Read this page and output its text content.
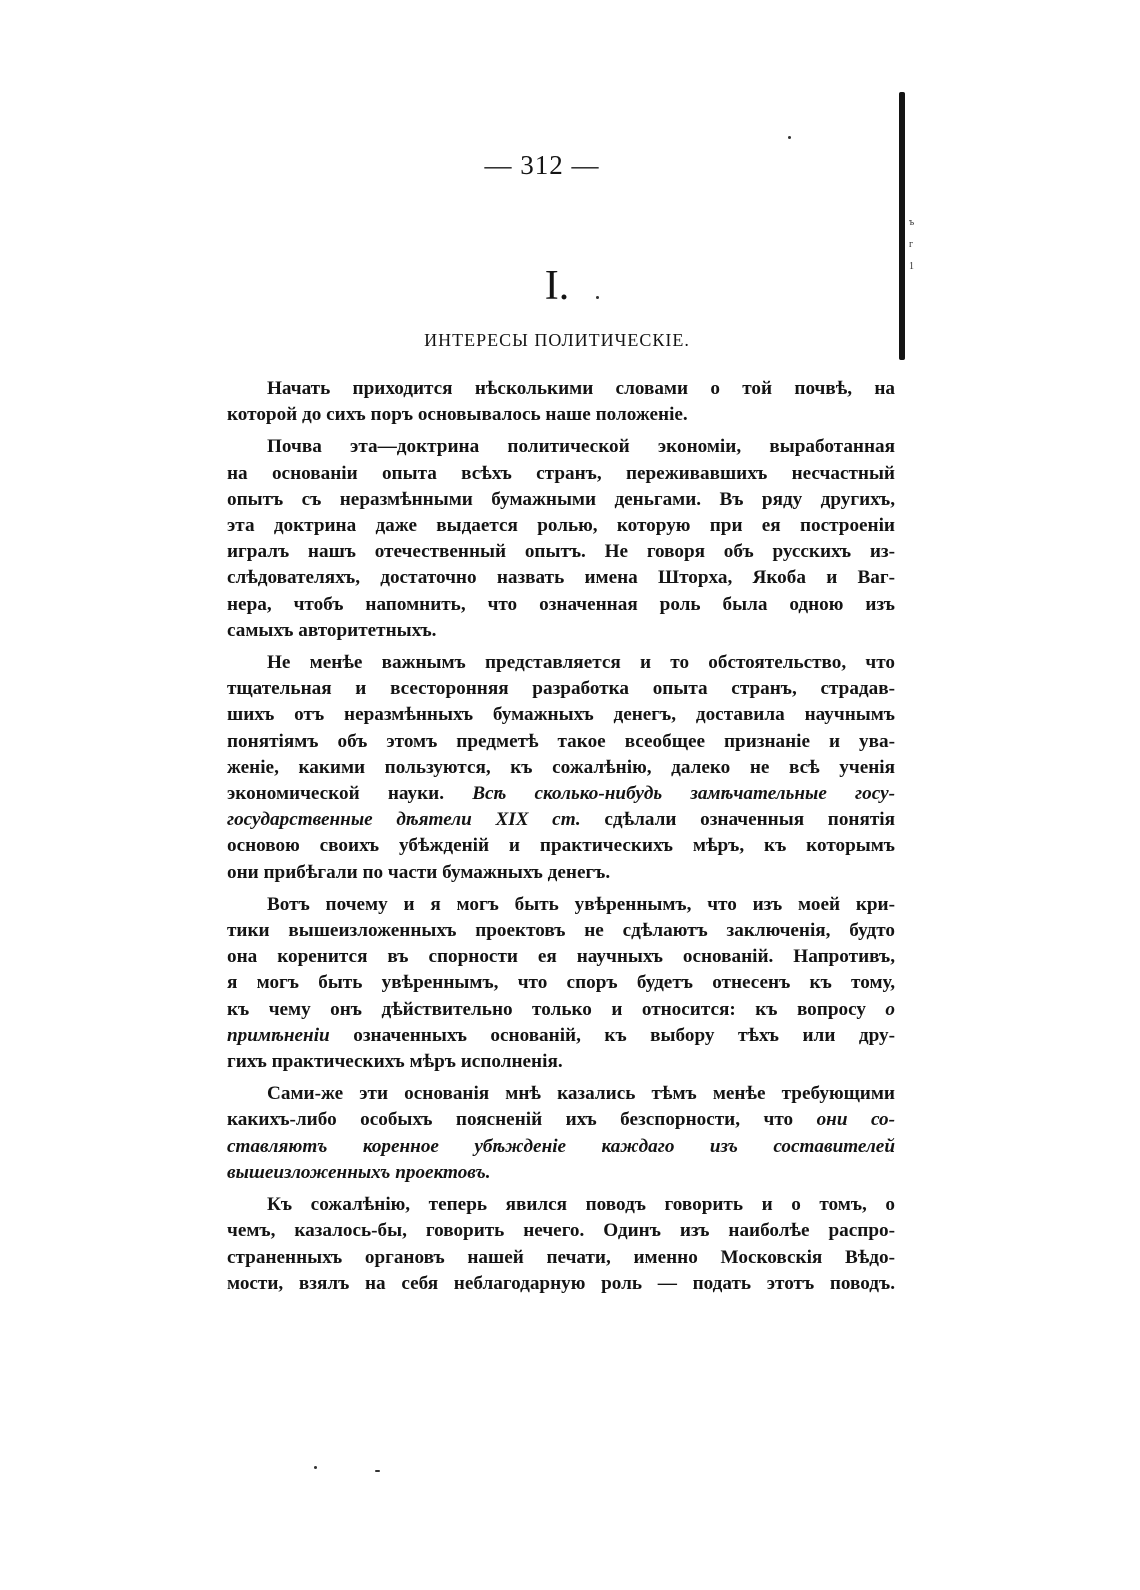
ъ
г
1
— 312 —
I.
ИНТЕРЕСЫ ПОЛИТИЧЕСКІЕ.
Начать приходится нѣсколькими словами о той почвѣ, на
которой до сихъ поръ основывалось наше положеніе.
Почва эта—доктрина политической экономіи, выработанная
на основаніи опыта всѣхъ странъ, переживавшихъ несчастный
опытъ съ неразмѣнными бумажными деньгами. Въ ряду другихъ,
эта доктрина даже выдается ролью, которую при ея построеніи
игралъ нашъ отечественный опытъ. Не говоря объ русскихъ из-
слѣдователяхъ, достаточно назвать имена Шторха, Якоба и Ваг-
нера, чтобъ напомнить, что означенная роль была одною изъ
самыхъ авторитетныхъ.
Не менѣе важнымъ представляется и то обстоятельство, что
тщательная и всесторонняя разработка опыта странъ, страдав-
шихъ отъ неразмѣнныхъ бумажныхъ денегъ, доставила научнымъ
понятіямъ объ этомъ предметѣ такое всеобщее признаніе и ува-
женіе, какими пользуются, къ сожалѣнію, далеко не всѣ ученія
экономической науки. Всѣ сколько-нибудь замѣчательные госу-
государственные дѣятели XIX ст. сдѣлали означенныя понятія
основою своихъ убѣжденій и практическихъ мѣръ, къ которымъ
они прибѣгали по части бумажныхъ денегъ.
Вотъ почему и я могъ быть увѣреннымъ, что изъ моей кри-
тики вышеизложенныхъ проектовъ не сдѣлаютъ заключенія, будто
она коренится въ спорности ея научныхъ основаній. Напротивъ,
я могъ быть увѣреннымъ, что споръ будетъ отнесенъ къ тому,
къ чему онъ дѣйствительно только и относится: къ вопросу о
примѣненіи означенныхъ основаній, къ выбору тѣхъ или дру-
гихъ практическихъ мѣръ исполненія.
Сами-же эти основанія мнѣ казались тѣмъ менѣе требующими
какихъ-либо особыхъ поясненій ихъ безспорности, что они со-
ставляютъ коренное убѣжденіе каждаго изъ составителей
вышеизложенныхъ проектовъ.
Къ сожалѣнію, теперь явился поводъ говорить и о томъ, о
чемъ, казалось-бы, говорить нечего. Одинъ изъ наиболѣе распро-
страненныхъ органовъ нашей печати, именно Московскія Вѣдо-
мости, взялъ на себя неблагодарную роль — подать этотъ поводъ.
